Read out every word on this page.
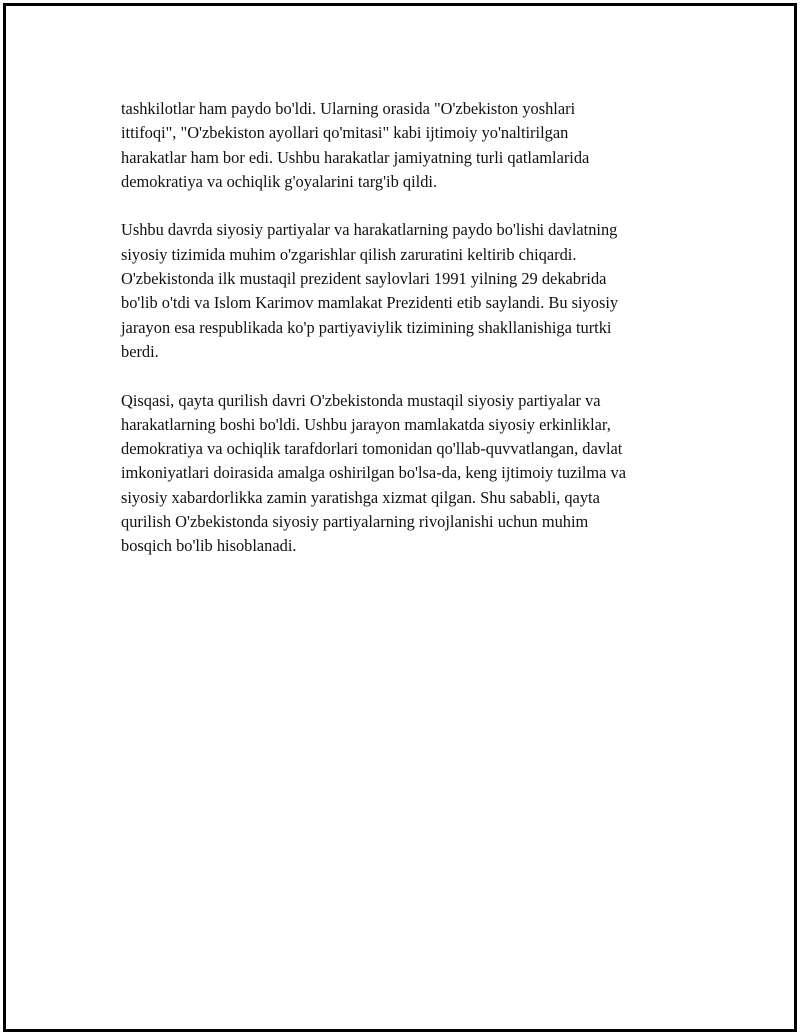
tashkilotlar ham paydo bo'ldi. Ularning orasida "O'zbekiston yoshlari
ittifoqi", "O'zbekiston ayollari qo'mitasi" kabi ijtimoiy yo'naltirilgan
harakatlar ham bor edi. Ushbu harakatlar jamiyatning turli qatlamlarida
demokratiya va ochiqlik g'oyalarini targ'ib qildi.

Ushbu davrda siyosiy partiyalar va harakatlarning paydo bo'lishi davlatning
siyosiy tizimida muhim o'zgarishlar qilish zaruratini keltirib chiqardi.
O'zbekistonda ilk mustaqil prezident saylovlari 1991 yilning 29 dekabrida
bo'lib o'tdi va Islom Karimov mamlakat Prezidenti etib saylandi. Bu siyosiy
jarayon esa respublikada ko'p partiyaviylik tizimining shakllanishiga turtki
berdi.

Qisqasi, qayta qurilish davri O'zbekistonda mustaqil siyosiy partiyalar va
harakatlarning boshi bo'ldi. Ushbu jarayon mamlakatda siyosiy erkinliklar,
demokratiya va ochiqlik tarafdorlari tomonidan qo'llab-quvvatlangan, davlat
imkoniyatlari doirasida amalga oshirilgan bo'lsa-da, keng ijtimoiy tuzilma va
siyosiy xabardorlikka zamin yaratishga xizmat qilgan. Shu sababli, qayta
qurilish O'zbekistonda siyosiy partiyalarning rivojlanishi uchun muhim
bosqich bo'lib hisoblanadi.
